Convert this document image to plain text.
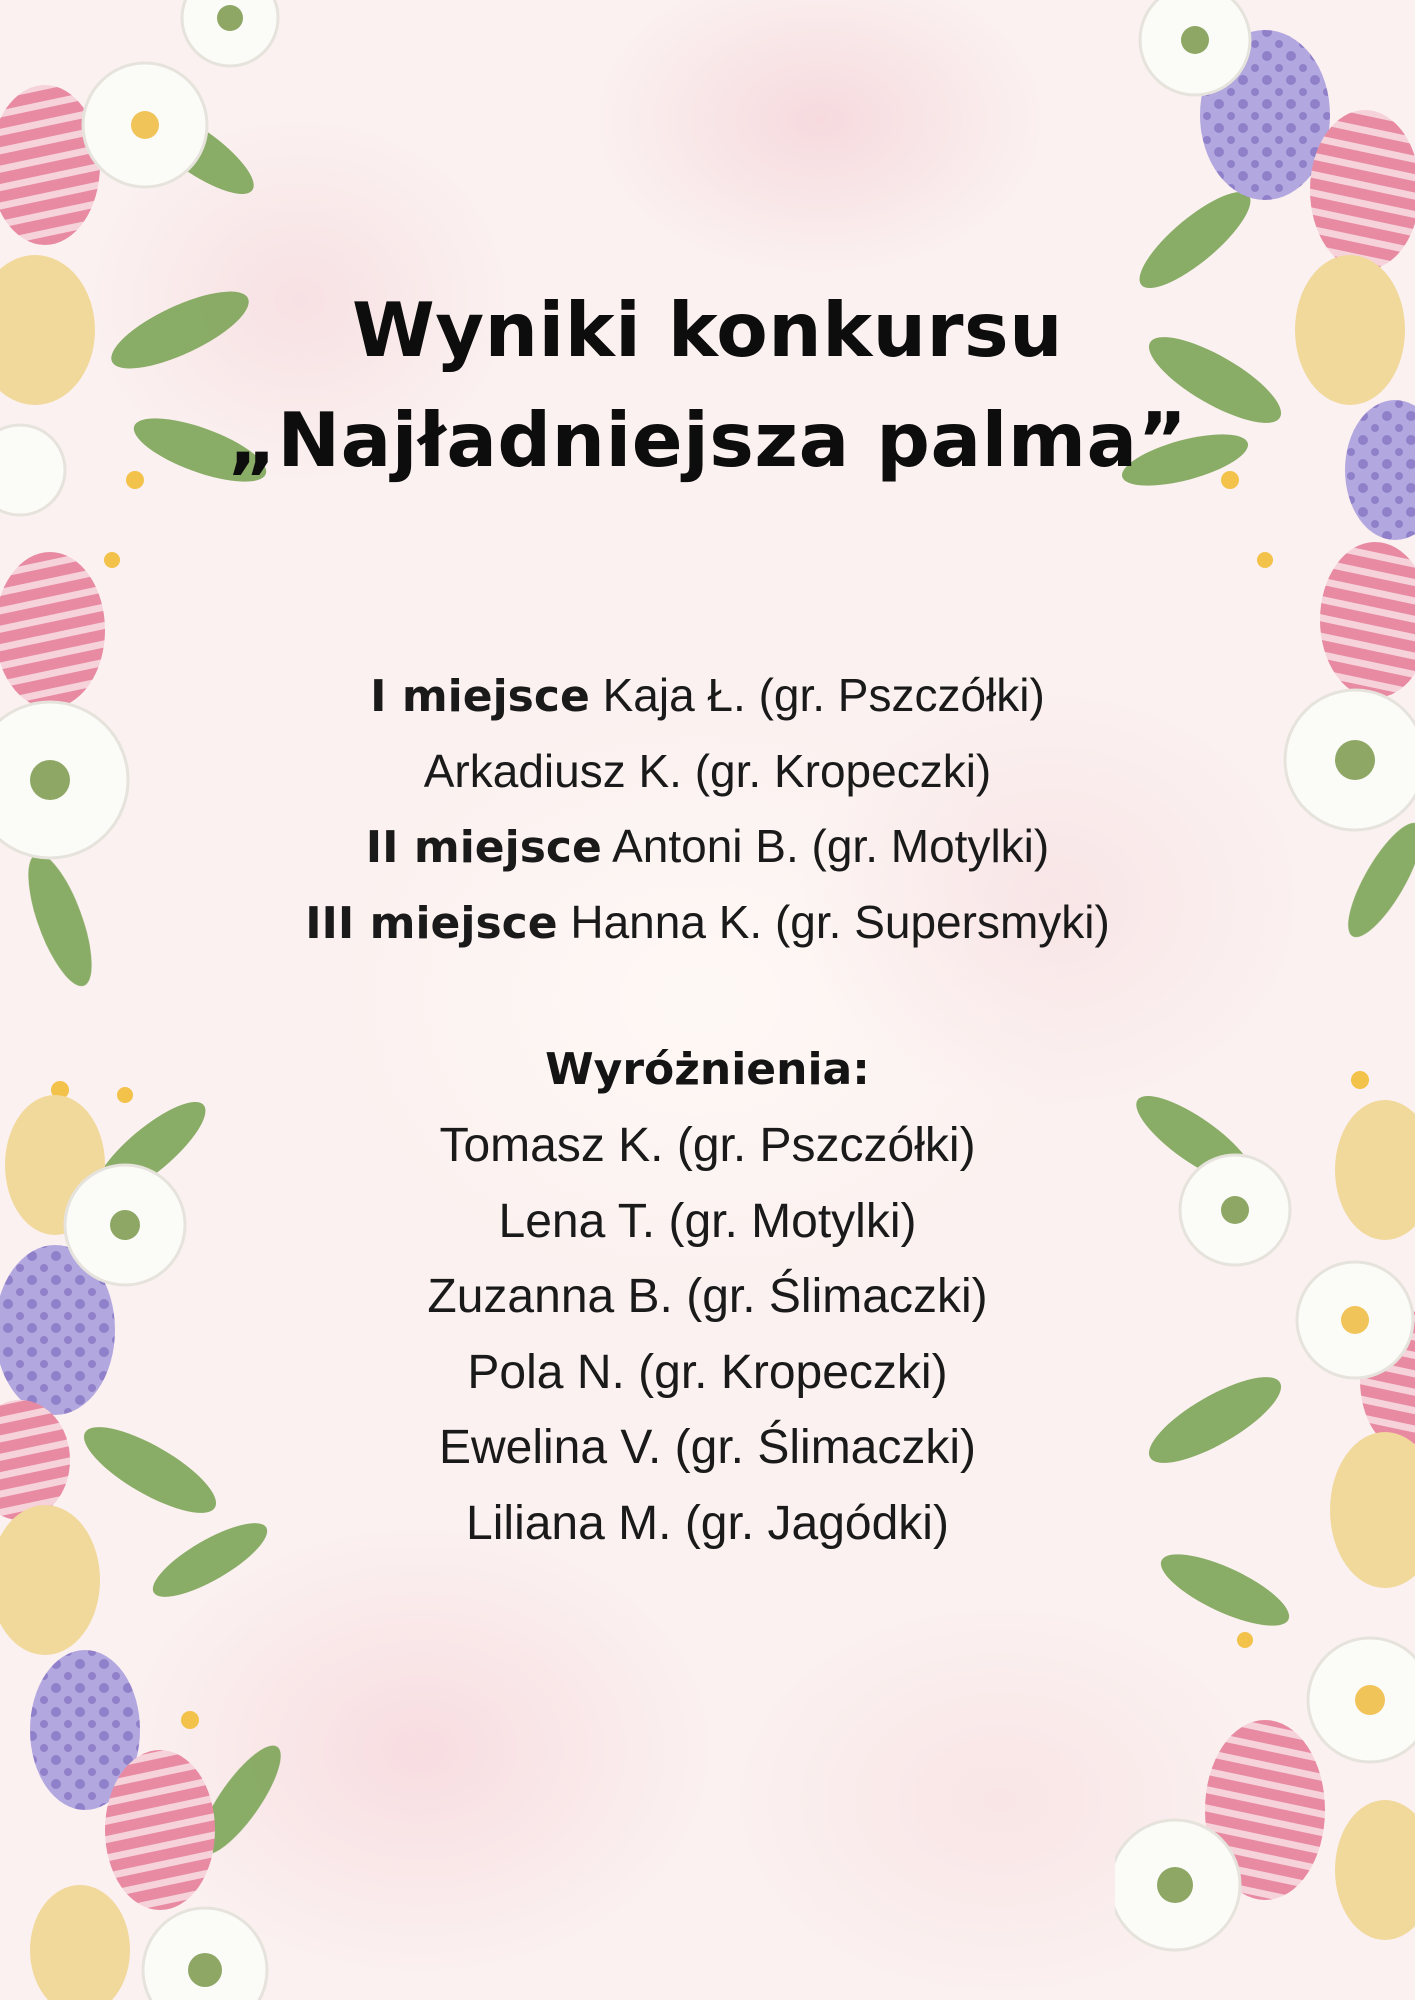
Wyniki konkursu
„Najładniejsza palma”
I miejsce Kaja Ł. (gr. Pszczółki)
Arkadiusz K. (gr. Kropeczki)
II miejsce Antoni B. (gr. Motylki)
III miejsce Hanna K. (gr. Supersmyki)
Wyróżnienia:
Tomasz K. (gr. Pszczółki)
Lena T. (gr. Motylki)
Zuzanna B. (gr. Ślimaczki)
Pola N. (gr. Kropeczki)
Ewelina V. (gr. Ślimaczki)
Liliana M. (gr. Jagódki)
